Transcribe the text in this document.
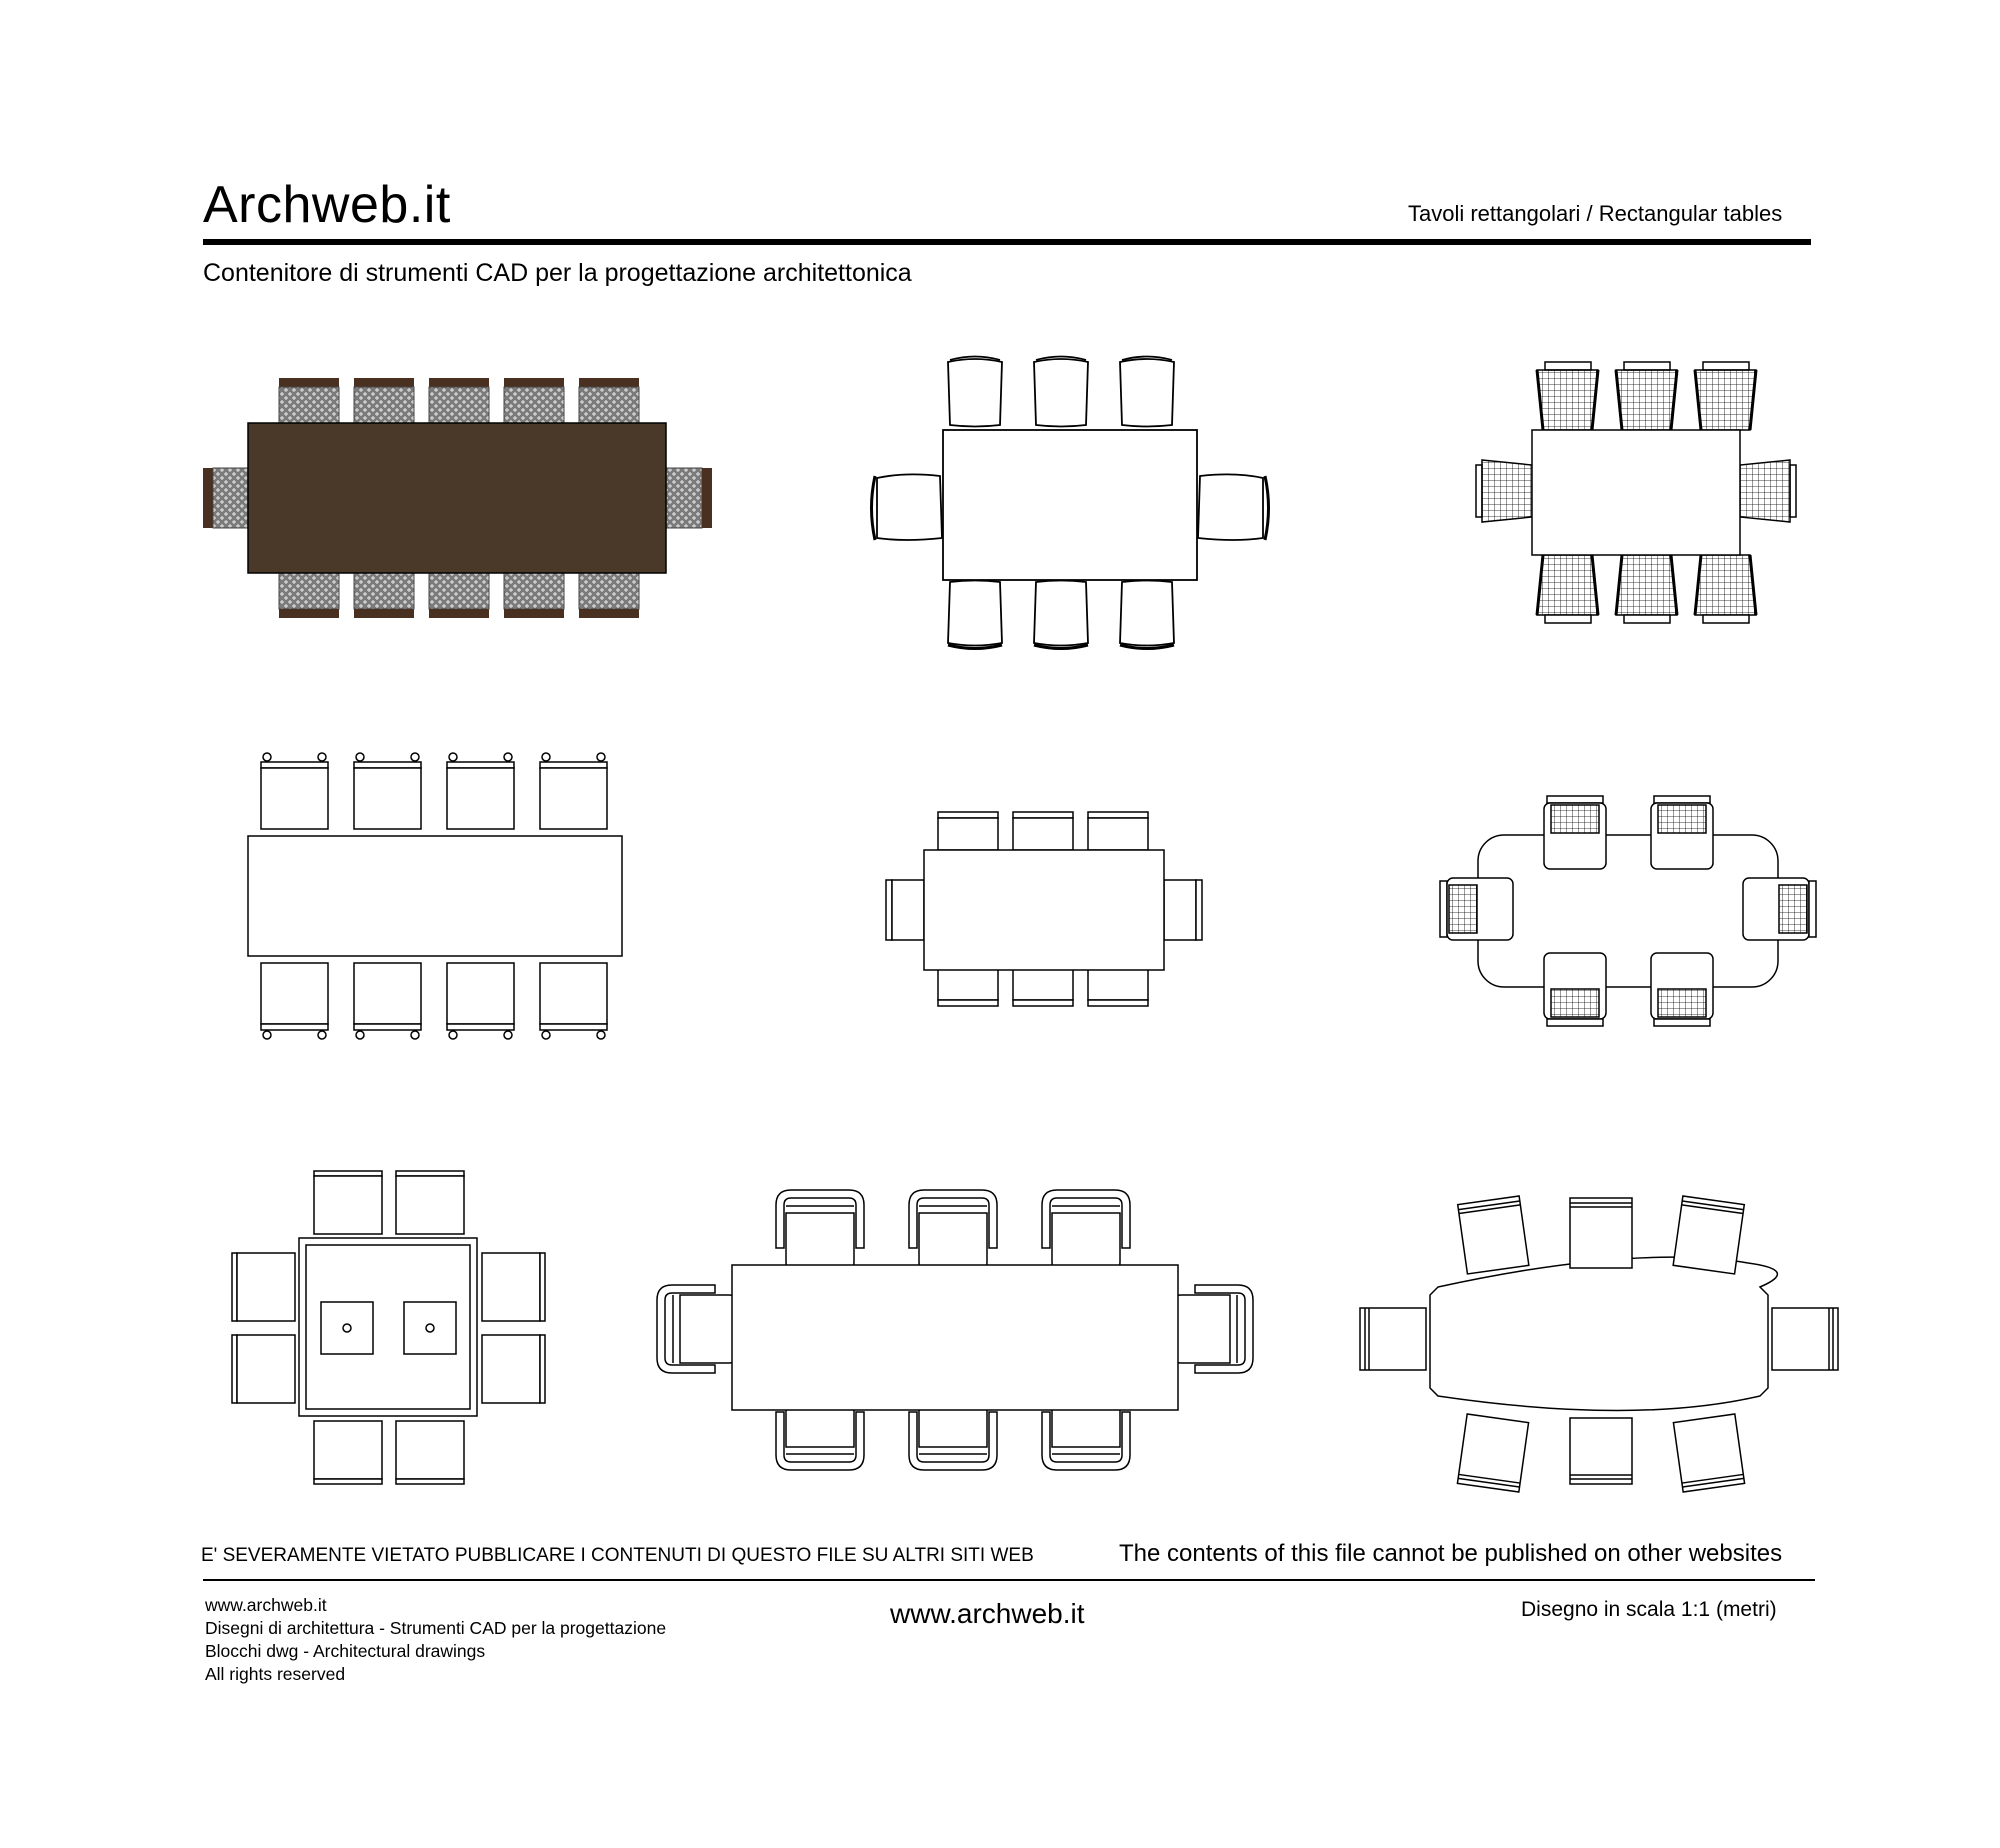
Archweb.it	Tavoli rettangolari / Rectangular tables
Contenitore di strumenti CAD per la progettazione architettonica
E' SEVERAMENTE VIETATO PUBBLICARE I CONTENUTI DI QUESTO FILE SU ALTRI SITI WEB	The contents of this file cannot be published on other websites
www.archweb.it
Disegni di architettura - Strumenti CAD per la progettazione
Blocchi dwg - Architectural drawings
All rights reserved
www.archweb.it	Disegno in scala 1:1 (metri)
